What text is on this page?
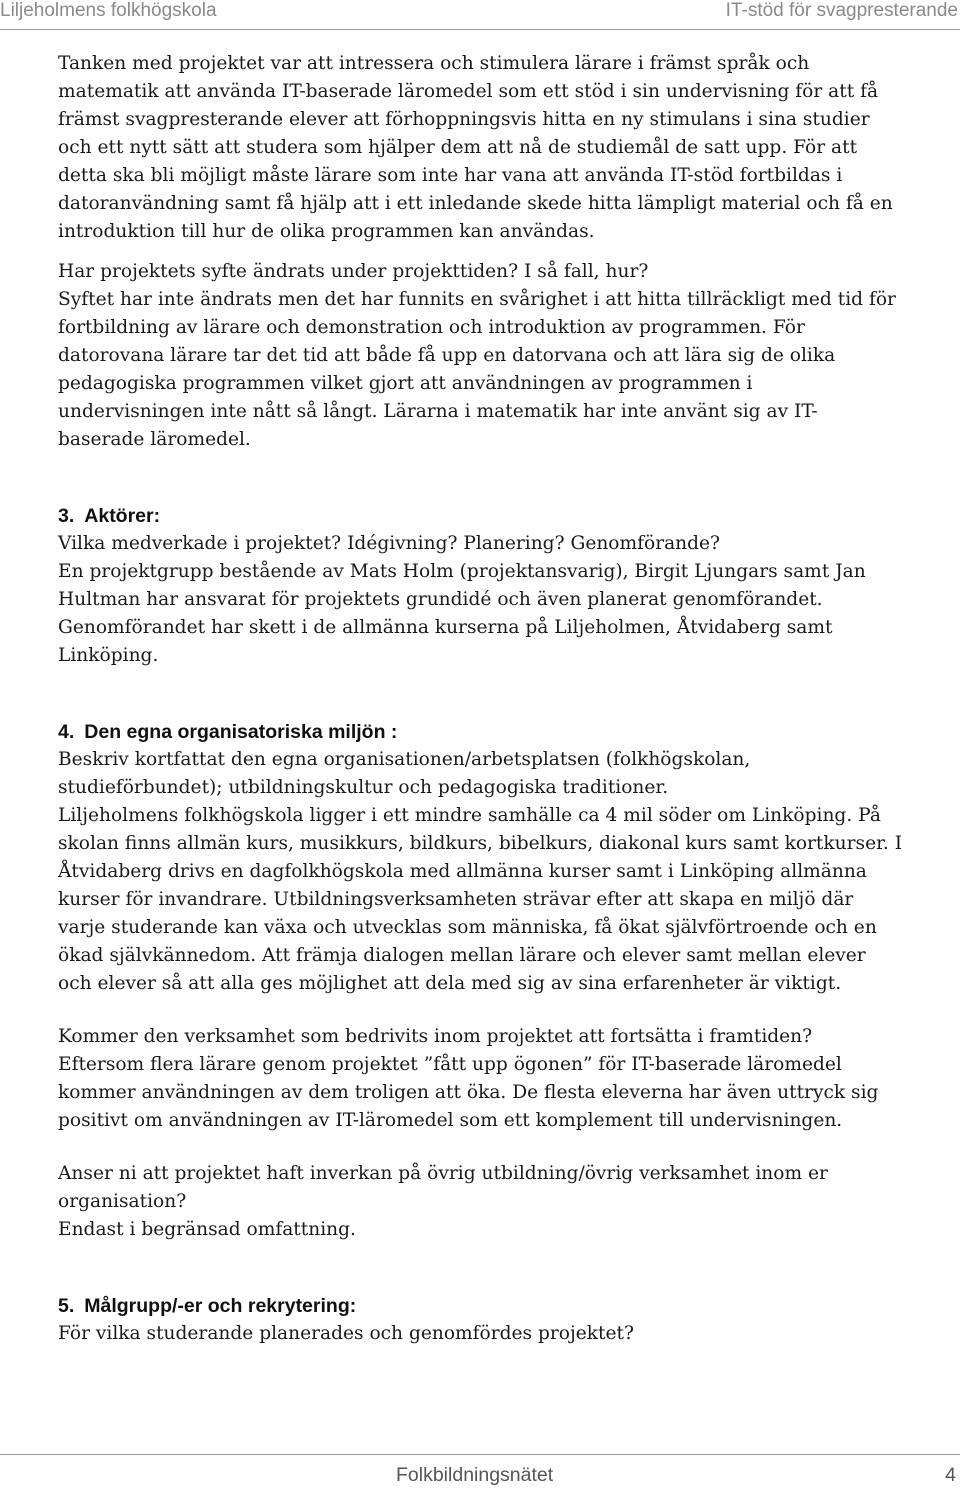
Liljeholmens folkhögskola	IT-stöd för svagpresterande

Tanken med projektet var att intressera och stimulera lärare i främst språk och matematik att använda IT-baserade läromedel som ett stöd i sin undervisning för att få främst svagpresterande elever att förhoppningsvis hitta en ny stimulans i sina studier och ett nytt sätt att studera som hjälper dem att nå de studiemål de satt upp. För att detta ska bli möjligt måste lärare som inte har vana att använda IT-stöd fortbildas i datoranvändning samt få hjälp att i ett inledande skede hitta lämpligt material och få en introduktion till hur de olika programmen kan användas.

Har projektets syfte ändrats under projekttiden? I så fall, hur?

Syftet har inte ändrats men det har funnits en svårighet i att hitta tillräckligt med tid för fortbildning av lärare och demonstration och introduktion av programmen. För datorovana lärare tar det tid att både få upp en datorvana och att lära sig de olika pedagogiska programmen vilket gjort att användningen av programmen i undervisningen inte nått så långt. Lärarna i matematik har inte använt sig av IT-baserade läromedel.

3. Aktörer:

Vilka medverkade i projektet? Idégivning? Planering? Genomförande?

En projektgrupp bestående av Mats Holm (projektansvarig), Birgit Ljungars samt Jan Hultman har ansvarat för projektets grundidé och även planerat genomförandet. Genomförandet har skett i de allmänna kurserna på Liljeholmen, Åtvidaberg samt Linköping.

4. Den egna organisatoriska miljön :

Beskriv kortfattat den egna organisationen/arbetsplatsen (folkhögskolan, studieförbundet); utbildningskultur och pedagogiska traditioner.

Liljeholmens folkhögskola ligger i ett mindre samhälle ca 4 mil söder om Linköping. På skolan finns allmän kurs, musikkurs, bildkurs, bibelkurs, diakonal kurs samt kortkurser. I Åtvidaberg drivs en dagfolkhögskola med allmänna kurser samt i Linköping allmänna kurser för invandrare. Utbildningsverksamheten strävar efter att skapa en miljö där varje studerande kan växa och utvecklas som människa, få ökat självförtroende och en ökad självkännedom. Att främja dialogen mellan lärare och elever samt mellan elever och elever så att alla ges möjlighet att dela med sig av sina erfarenheter är viktigt.

Kommer den verksamhet som bedrivits inom projektet att fortsätta i framtiden?

Eftersom flera lärare genom projektet ”fått upp ögonen” för IT-baserade läromedel kommer användningen av dem troligen att öka. De flesta eleverna har även uttryck sig positivt om användningen av IT-läromedel som ett komplement till undervisningen.

Anser ni att projektet haft inverkan på övrig utbildning/övrig verksamhet inom er organisation?

Endast i begränsad omfattning.

5. Målgrupp/-er och rekrytering:

För vilka studerande planerades och genomfördes projektet?

Folkbildningsnätet	4
